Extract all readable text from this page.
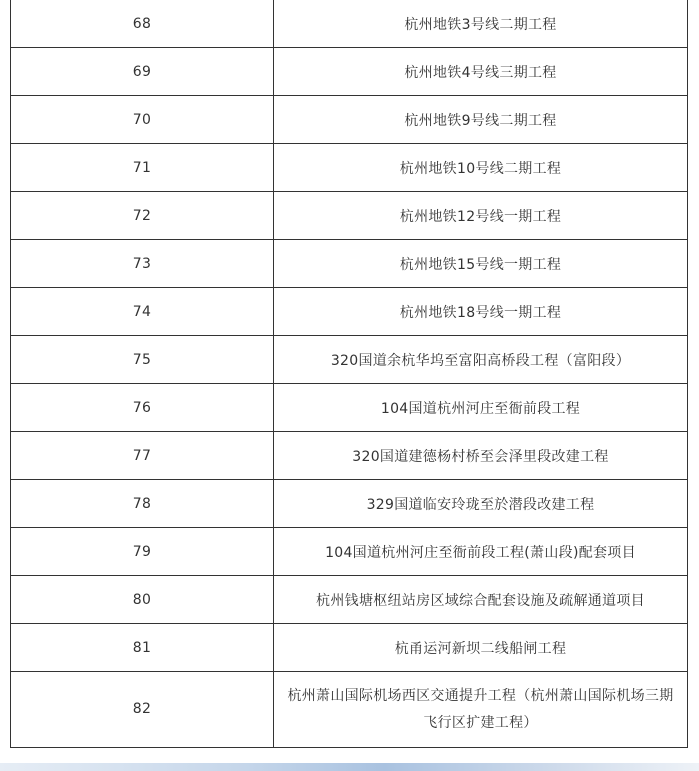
68	杭州地铁3号线二期工程
69	杭州地铁4号线三期工程
70	杭州地铁9号线二期工程
71	杭州地铁10号线二期工程
72	杭州地铁12号线一期工程
73	杭州地铁15号线一期工程
74	杭州地铁18号线一期工程
75	320国道余杭华坞至富阳高桥段工程（富阳段）
76	104国道杭州河庄至衙前段工程
77	320国道建德杨村桥至会泽里段改建工程
78	329国道临安玲珑至於潜段改建工程
79	104国道杭州河庄至衙前段工程(萧山段)配套项目
80	杭州钱塘枢纽站房区域综合配套设施及疏解通道项目
81	杭甬运河新坝二线船闸工程
82	杭州萧山国际机场西区交通提升工程（杭州萧山国际机场三期飞行区扩建工程）
